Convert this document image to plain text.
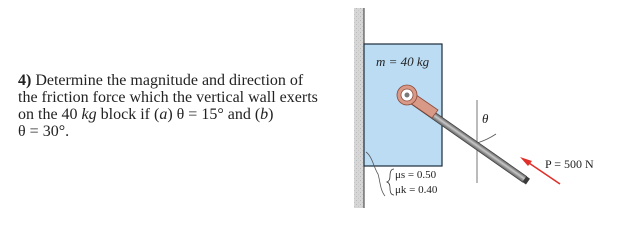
4) Determine the magnitude and direction of
the friction force which the vertical wall exerts
on the 40 kg block if (a) θ = 15° and (b)
θ = 30°.
m = 40 kg
θ
P = 500 N
μs = 0.50
μk = 0.40
